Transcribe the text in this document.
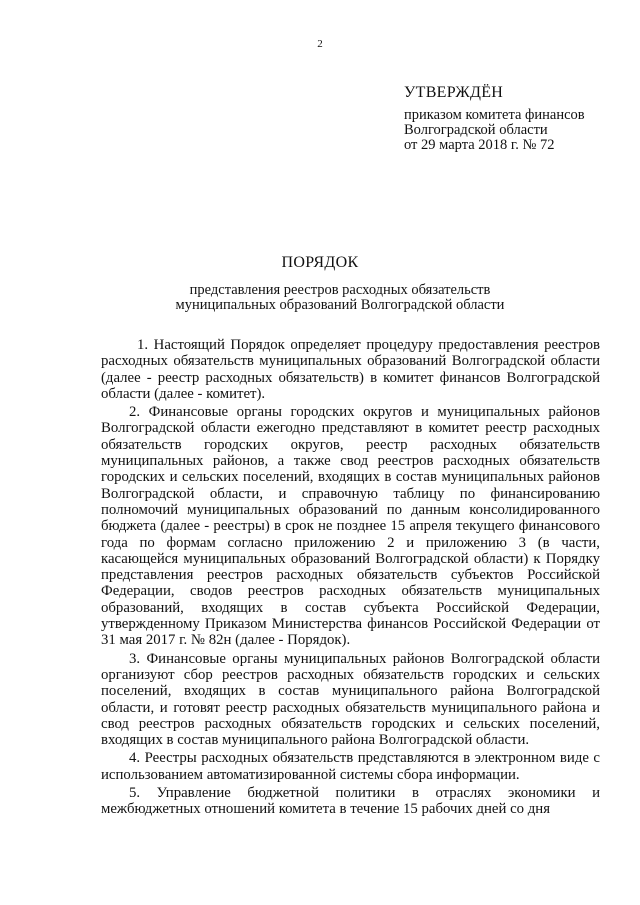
2
УТВЕРЖДЁН
приказом комитета финансов
Волгоградской области
от 29 марта 2018 г. № 72
ПОРЯДОК
представления реестров расходных обязательств
муниципальных образований Волгоградской области

1. Настоящий Порядок определяет процедуру предоставления реестров расходных обязательств муниципальных образований Волгоградской области (далее - реестр расходных обязательств) в комитет финансов Волгоградской области (далее - комитет).

2. Финансовые органы городских округов и муниципальных районов Волгоградской области ежегодно представляют в комитет реестр расходных обязательств городских округов, реестр расходных обязательств муниципальных районов, а также свод реестров расходных обязательств городских и сельских поселений, входящих в состав муниципальных районов Волгоградской области, и справочную таблицу по финансированию полномочий муниципальных образований по данным консолидированного бюджета (далее - реестры) в срок не позднее 15 апреля текущего финансового года по формам согласно приложению 2 и приложению 3 (в части, касающейся муниципальных образований Волгоградской области) к Порядку представления реестров расходных обязательств субъектов Российской Федерации, сводов реестров расходных обязательств муниципальных образований, входящих в состав субъекта Российской Федерации, утвержденному Приказом Министерства финансов Российской Федерации от 31 мая 2017 г. № 82н (далее - Порядок).

3. Финансовые органы муниципальных районов Волгоградской области организуют сбор реестров расходных обязательств городских и сельских поселений, входящих в состав муниципального района Волгоградской области, и готовят реестр расходных обязательств муниципального района и свод реестров расходных обязательств городских и сельских поселений, входящих в состав муниципального района Волгоградской области.

4. Реестры расходных обязательств представляются в электронном виде с использованием автоматизированной системы сбора информации.

5. Управление бюджетной политики в отраслях экономики и межбюджетных отношений комитета в течение 15 рабочих дней со дня
